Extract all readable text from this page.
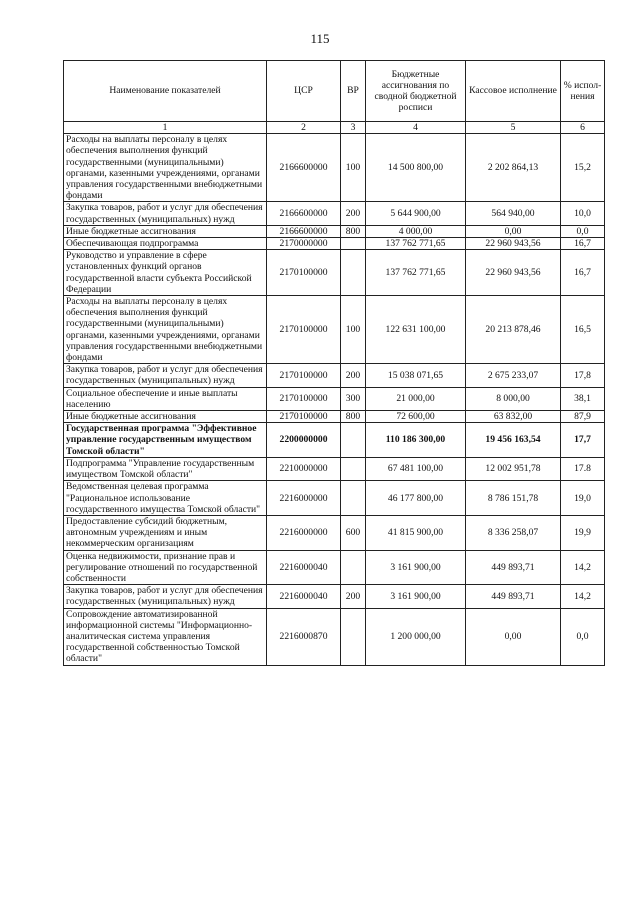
115
Наименование показателей	ЦСР	ВР	Бюджетные ассигнования по сводной бюджетной росписи	Кассовое исполнение	% испол-нения
1	2	3	4	5	6
Расходы на выплаты персоналу в целях обеспечения выполнения функций государственными (муниципальными) органами, казенными учреждениями, органами управления государственными внебюджетными фондами	2166600000	100	14 500 800,00	2 202 864,13	15,2
Закупка товаров, работ и услуг для обеспечения государственных (муниципальных) нужд	2166600000	200	5 644 900,00	564 940,00	10,0
Иные бюджетные ассигнования	2166600000	800	4 000,00	0,00	0,0
Обеспечивающая подпрограмма	2170000000		137 762 771,65	22 960 943,56	16,7
Руководство и управление в сфере установленных функций органов государственной власти субъекта Российской Федерации	2170100000		137 762 771,65	22 960 943,56	16,7
Расходы на выплаты персоналу в целях обеспечения выполнения функций государственными (муниципальными) органами, казенными учреждениями, органами управления государственными внебюджетными фондами	2170100000	100	122 631 100,00	20 213 878,46	16,5
Закупка товаров, работ и услуг для обеспечения государственных (муниципальных) нужд	2170100000	200	15 038 071,65	2 675 233,07	17,8
Социальное обеспечение и иные выплаты населению	2170100000	300	21 000,00	8 000,00	38,1
Иные бюджетные ассигнования	2170100000	800	72 600,00	63 832,00	87,9
Государственная программа "Эффективное управление государственным имуществом Томской области"	2200000000		110 186 300,00	19 456 163,54	17,7
Подпрограмма "Управление государственным имуществом Томской области"	2210000000		67 481 100,00	12 002 951,78	17.8
Ведомственная целевая программа "Рациональное использование государственного имущества Томской области"	2216000000		46 177 800,00	8 786 151,78	19,0
Предоставление субсидий бюджетным, автономным учреждениям и иным некоммерческим организациям	2216000000	600	41 815 900,00	8 336 258,07	19,9
Оценка недвижимости, признание прав и регулирование отношений по государственной собственности	2216000040		3 161 900,00	449 893,71	14,2
Закупка товаров, работ и услуг для обеспечения государственных (муниципальных) нужд	2216000040	200	3 161 900,00	449 893,71	14,2
Сопровождение автоматизированной информационной системы "Информационно-аналитическая система управления государственной собственностью Томской области"	2216000870		1 200 000,00	0,00	0,0
